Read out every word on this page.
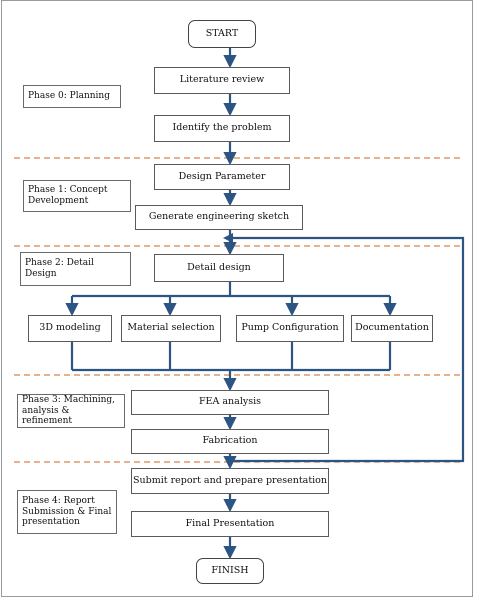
Phase 0: Planning
Phase 1: Concept Development
Phase 2: Detail Design
Phase 3: Machining, analysis & refinement
Phase 4: Report Submission & Final presentation
START
Literature review
Identify the problem
Design Parameter
Generate engineering sketch
Detail design
3D modeling	Material selection	Pump Configuration Documentation
FEA analysis
Fabrication
Submit report and prepare presentation
Final Presentation
FINISH
